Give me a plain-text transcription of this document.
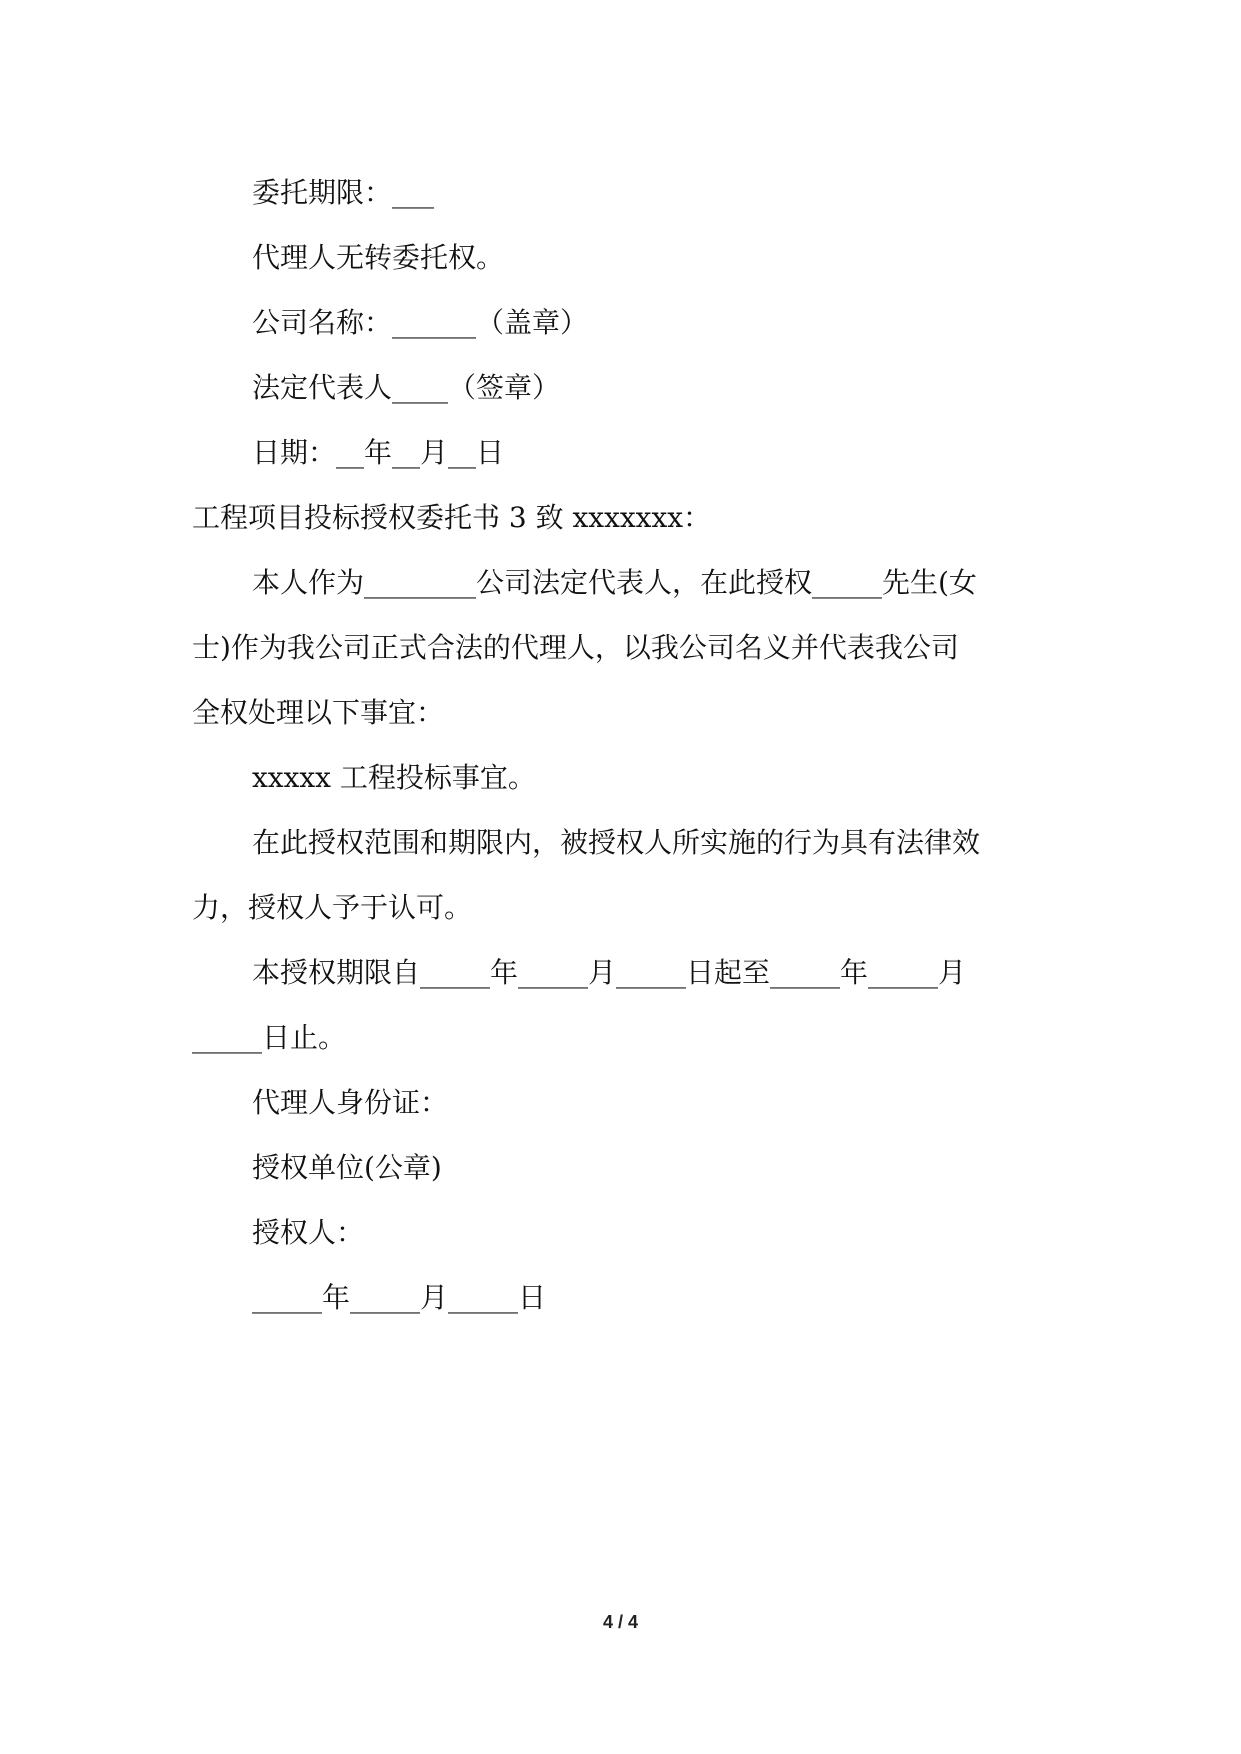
委托期限：___
代理人无转委托权。
公司名称：______（盖章）
法定代表人____（签章）
日期：__年__月__日
工程项目投标授权委托书 3 致 xxxxxxx：
本人作为________公司法定代表人，在此授权_____先生(女
士)作为我公司正式合法的代理人，以我公司名义并代表我公司
全权处理以下事宜：
xxxxx 工程投标事宜。
在此授权范围和期限内，被授权人所实施的行为具有法律效
力，授权人予于认可。
本授权期限自_____年_____月_____日起至_____年_____月
_____日止。
代理人身份证：
授权单位(公章)
授权人：
_____年_____月_____日
4 / 4
